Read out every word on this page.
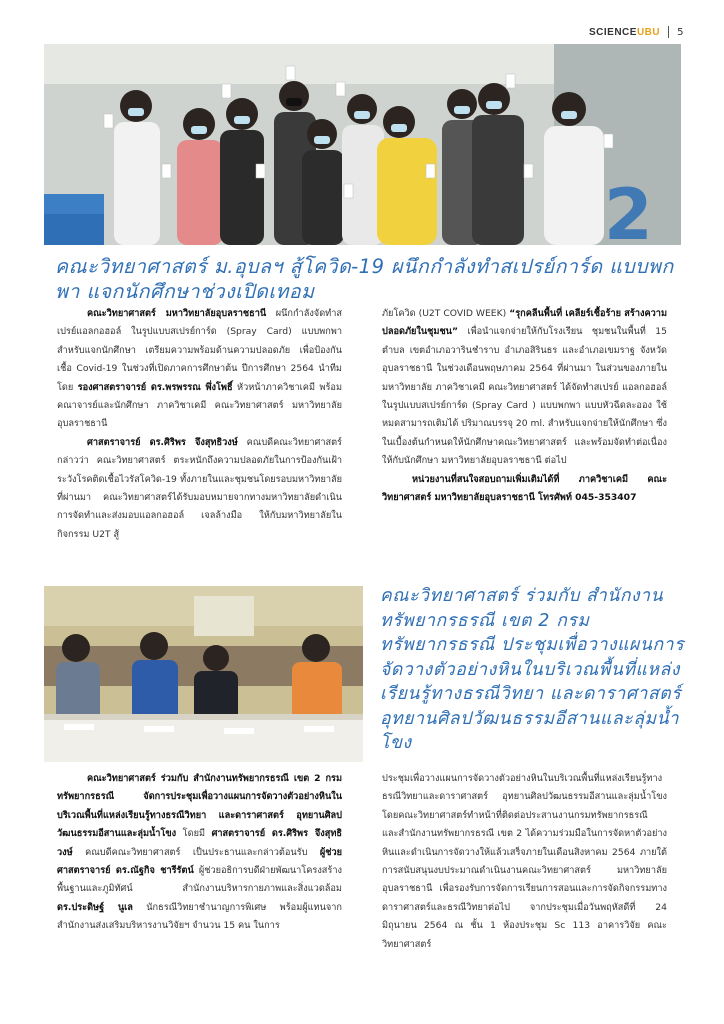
SCIENCEUBU 5
2
คณะวิทยาศาสตร์ ม.อุบลฯ สู้โควิด-19 ผนึกกำลังทำสเปรย์การ์ด แบบพกพา แจกนักศึกษาช่วงเปิดเทอม

คณะวิทยาศาสตร์ มหาวิทยาลัยอุบลราชธานี ผนึกกำลังจัดทำสเปรย์แอลกอฮอล์ ในรูปแบบสเปรย์การ์ด (Spray Card) แบบพกพา สำหรับแจกนักศึกษา เตรียมความพร้อมด้านความปลอดภัย เพื่อป้องกันเชื้อ Covid-19 ในช่วงที่เปิดภาคการศึกษาต้น ปีการศึกษา 2564 นำทีมโดย รองศาสตราจารย์ ดร.พรพรรณ พึ่งโพธิ์ หัวหน้าภาควิชาเคมี พร้อมคณาจารย์และนักศึกษา ภาควิชาเคมี คณะวิทยาศาสตร์ มหาวิทยาลัยอุบลราชธานี

ศาสตราจารย์ ดร.ศิริพร จึงสุทธิวงษ์ คณบดีคณะวิทยาศาสตร์ กล่าวว่า คณะวิทยาศาสตร์ ตระหนักถึงความปลอดภัยในการป้องกันเฝ้าระวังโรคติดเชื้อไวรัสโควิด-19 ทั้งภายในและชุมชนโดยรอบมหาวิทยาลัย ที่ผ่านมา คณะวิทยาศาสตร์ได้รับมอบหมายจากทางมหาวิทยาลัยดำเนินการจัดทำและส่งมอบแอลกอฮอล์ เจลล้างมือ ให้กับมหาวิทยาลัยในกิจกรรม U2T สู้

ภัยโควิด (U2T COVID WEEK) “รุกคลีนพื้นที่ เคลียร์เชื้อร้าย สร้างความปลอดภัยในชุมชน” เพื่อนำแจกจ่ายให้กับโรงเรียน ชุมชนในพื้นที่ 15 ตำบล เขตอำเภอวารินชำราบ อำเภอสิรินธร และอำเภอเขมราฐ จังหวัดอุบลราชธานี ในช่วงเดือนพฤษภาคม 2564 ที่ผ่านมา ในส่วนของภายในมหาวิทยาลัย ภาควิชาเคมี คณะวิทยาศาสตร์ ได้จัดทำสเปรย์ แอลกอฮอล์ ในรูปแบบสเปรย์การ์ด (Spray Card ) แบบพกพา แบบหัวฉีดละออง ใช้หมดสามารถเติมได้ ปริมาณบรรจุ 20 ml. สำหรับแจกจ่ายให้นักศึกษา ซึ่งในเบื้องต้นกำหนดให้นักศึกษาคณะวิทยาศาสตร์ และพร้อมจัดทำต่อเนื่องให้กับนักศึกษา มหาวิทยาลัยอุบลราชธานี ต่อไป

หน่วยงานที่สนใจสอบถามเพิ่มเติมได้ที่ ภาควิชาเคมี คณะวิทยาศาสตร์ มหาวิทยาลัยอุบลราชธานี โทรศัพท์ 045-353407

คณะวิทยาศาสตร์ ร่วมกับ สำนักงานทรัพยากรธรณี เขต 2 กรมทรัพยากรธรณี ประชุมเพื่อวางแผนการจัดวางตัวอย่างหินในบริเวณพื้นที่แหล่งเรียนรู้ทางธรณีวิทยา และดาราศาสตร์ อุทยานศิลปวัฒนธรรมอีสานและลุ่มน้ำโขง

คณะวิทยาศาสตร์ ร่วมกับ สำนักงานทรัพยากรธรณี เขต 2 กรมทรัพยากรธรณี จัดการประชุมเพื่อวางแผนการจัดวางตัวอย่างหินในบริเวณพื้นที่แหล่งเรียนรู้ทางธรณีวิทยา และดาราศาสตร์ อุทยานศิลปวัฒนธรรมอีสานและลุ่มน้ำโขง โดยมี ศาสตราจารย์ ดร.ศิริพร จึงสุทธิวงษ์ คณบดีคณะวิทยาศาสตร์ เป็นประธานและกล่าวต้อนรับ ผู้ช่วยศาสตราจารย์ ดร.ณัฐกิจ ชารีรัตน์ ผู้ช่วยอธิการบดีฝ่ายพัฒนาโครงสร้างพื้นฐานและภูมิทัศน์ สำนักงานบริหารกายภาพและสิ่งแวดล้อม ดร.ประดิษฐ์ นูเล นักธรณีวิทยาชำนาญการพิเศษ พร้อมผู้แทนจากสำนักงานส่งเสริมบริหารงานวิจัยฯ จำนวน 15 คน ในการ

ประชุมเพื่อวางแผนการจัดวางตัวอย่างหินในบริเวณพื้นที่แหล่งเรียนรู้ทางธรณีวิทยาและดาราศาสตร์ อุทยานศิลปวัฒนธรรมอีสานและลุ่มน้ำโขง โดยคณะวิทยาศาสตร์ทำหน้าที่ติดต่อประสานงานกรมทรัพยากรธรณี และสำนักงานทรัพยากรธรณี เขต 2 ได้ความร่วมมือในการจัดหาตัวอย่างหินและดำเนินการจัดวางให้แล้วเสร็จภายในเดือนสิงหาคม 2564 ภายใต้การสนับสนุนงบประมาณดำเนินงานคณะวิทยาศาสตร์ มหาวิทยาลัยอุบลราชธานี เพื่อรองรับการจัดการเรียนการสอนและการจัดกิจกรรมทางดาราศาสตร์และธรณีวิทยาต่อไป จากประชุมเมื่อวันพฤหัสดีที่ 24 มิถุนายน 2564 ณ ชั้น 1 ห้องประชุม Sc 113 อาคารวิจัย คณะวิทยาศาสตร์
